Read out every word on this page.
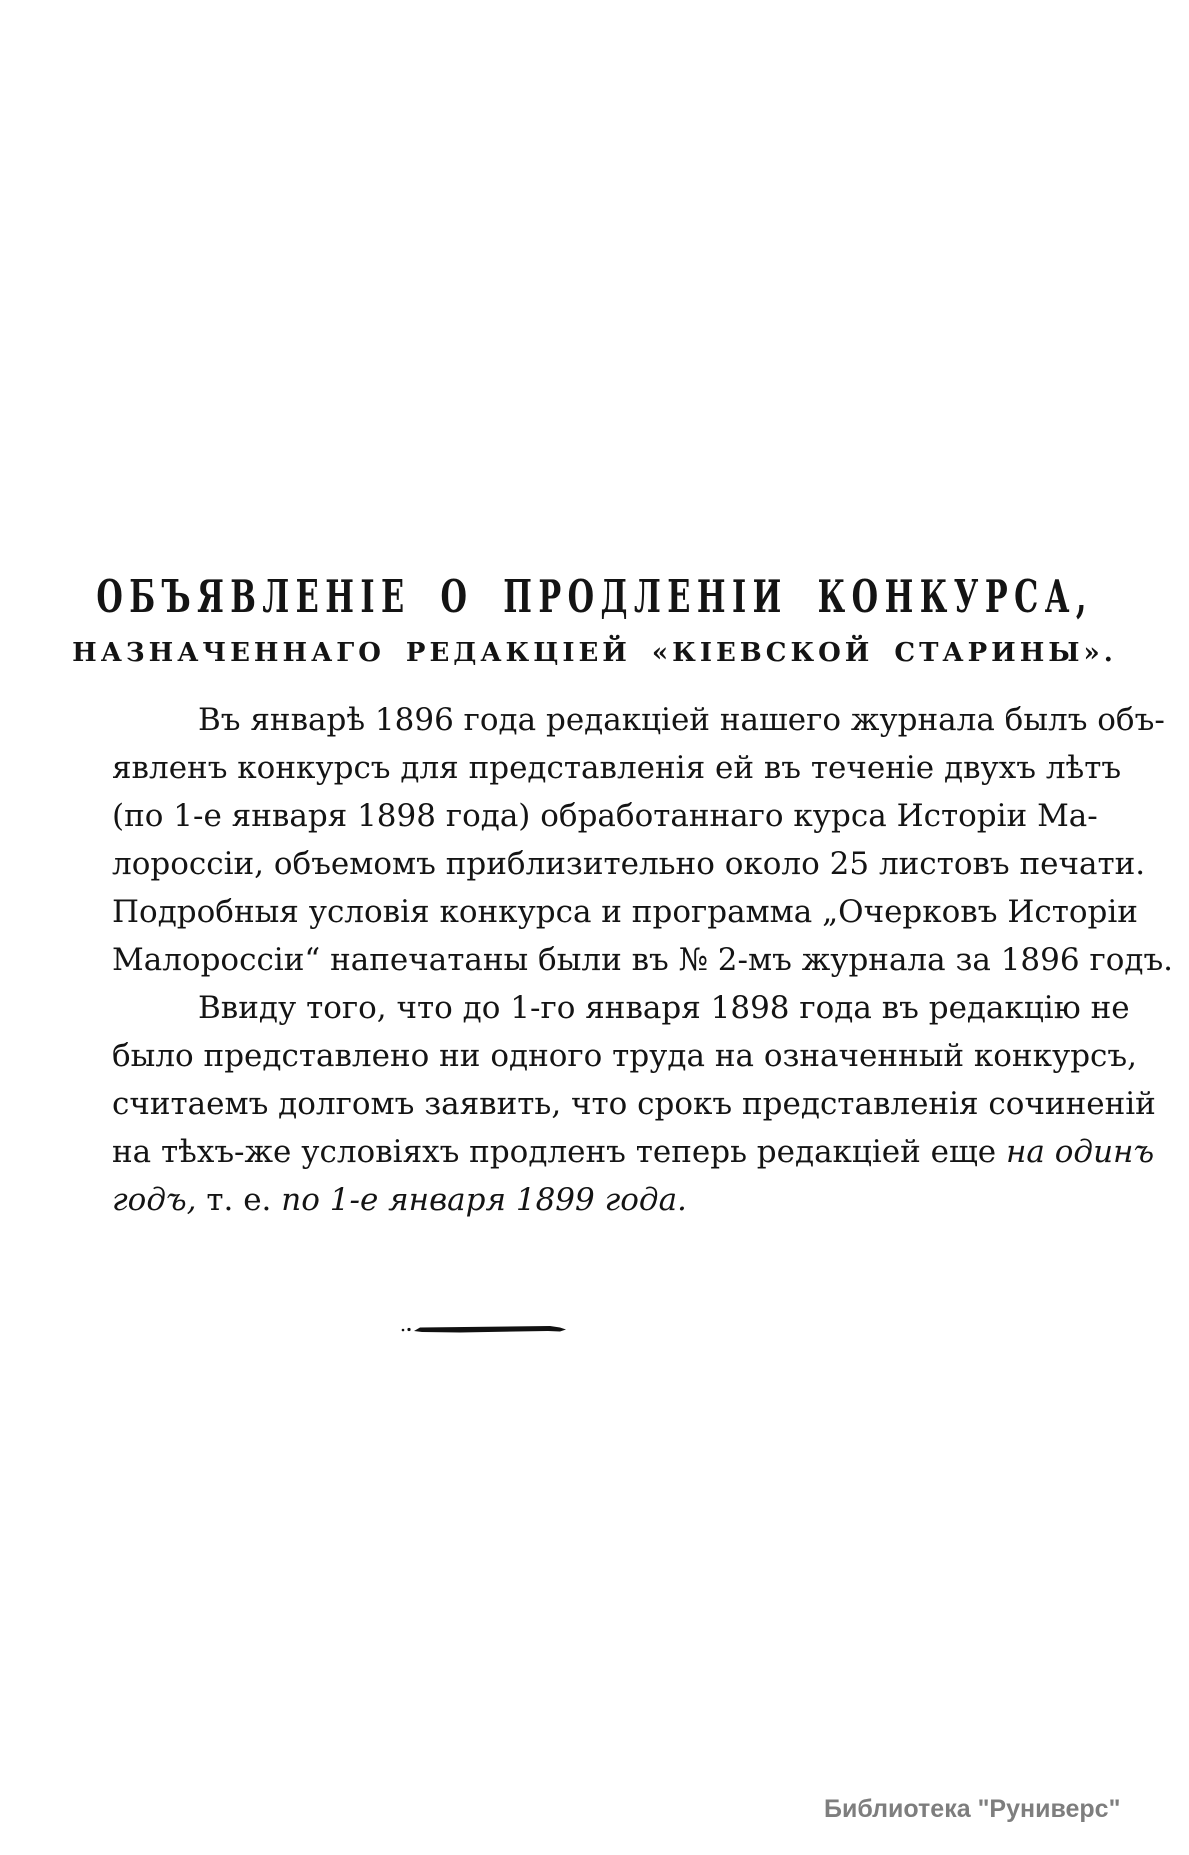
ОБЪЯВЛЕНІЕ О ПРОДЛЕНІИ КОНКУРСА,
НАЗНАЧЕННАГО РЕДАКЦІЕЙ «КІЕВСКОЙ СТАРИНЫ».
Въ январѣ 1896 года редакціей нашего журнала былъ объ-
явленъ конкурсъ для представленія ей въ теченіе двухъ лѣтъ
(по 1-е января 1898 года) обработаннаго курса Исторіи Ма-
лороссіи, объемомъ приблизительно около 25 листовъ печати.
Подробныя условія конкурса и программа „Очерковъ Исторіи
Малороссіи“ напечатаны были въ № 2-мъ журнала за 1896 годъ.
Ввиду того, что до 1-го января 1898 года въ редакцію не
было представлено ни одного труда на означенный конкурсъ,
считаемъ долгомъ заявить, что срокъ представленія сочиненій
на тѣхъ-же условіяхъ продленъ теперь редакціей еще на одинъ
годъ, т. е. по 1-е января 1899 года.
Библиотека "Руниверс"
